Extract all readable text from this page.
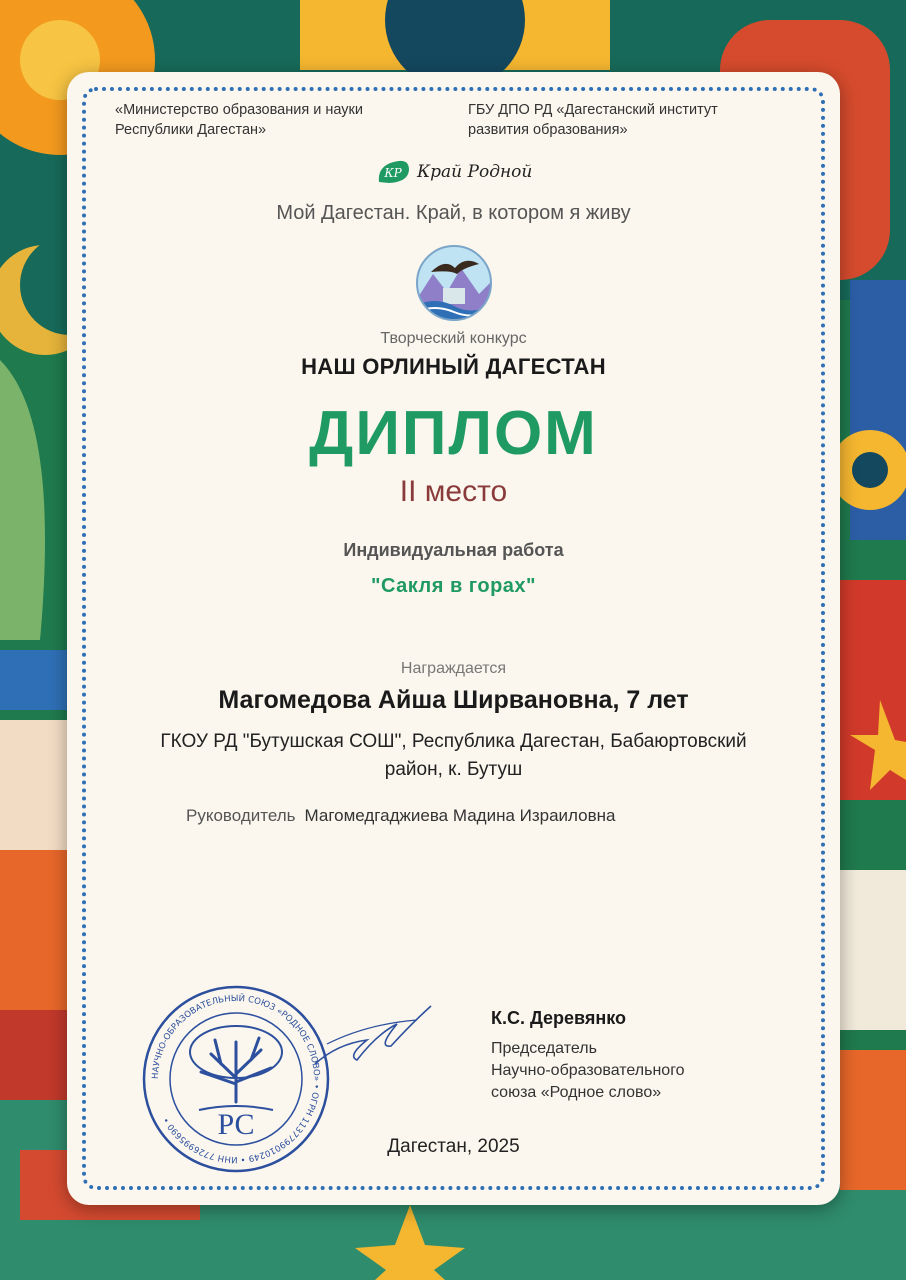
«Министерство образования и науки
Республики Дагестан»
ГБУ ДПО РД «Дагестанский институт
развития образования»
КР Край Родной
Мой Дагестан. Край, в котором я живу
Творческий конкурс
НАШ ОРЛИНЫЙ ДАГЕСТАН
ДИПЛОМ
II место
Индивидуальная работа
"Сакля в горах"
Награждается
Магомедова Айша Ширвановна, 7 лет
ГКОУ РД "Бутушская СОШ", Республика Дагестан, Бабаюртовский
район, к. Бутуш
Руководитель Магомедгаджиева Мадина Израиловна
НАУЧНО-ОБРАЗОВАТЕЛЬНЫЙ СОЮЗ «РОДНОЕ СЛОВО» • ОГРН 1137799010249 • ИНН 7726995690 •	РС
К.С. Деревянко
Председатель
Научно-образовательного
союза «Родное слово»
Дагестан, 2025
